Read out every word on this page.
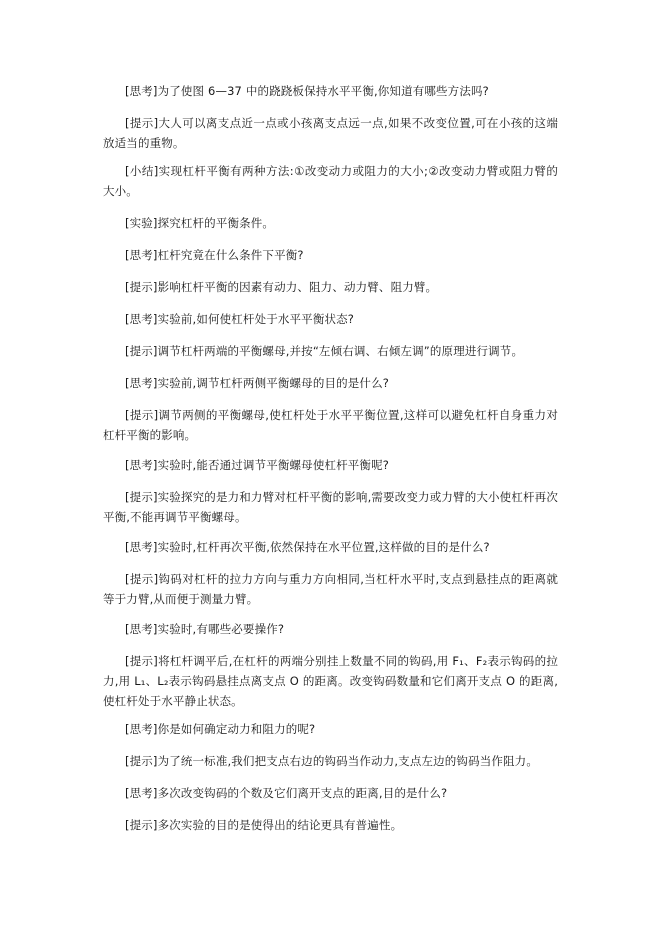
[思考]为了使图 6—37 中的跷跷板保持水平平衡,你知道有哪些方法吗?

[提示]大人可以离支点近一点或小孩离支点远一点,如果不改变位置,可在小孩的这端放适当的重物。

[小结]实现杠杆平衡有两种方法:①改变动力或阻力的大小;②改变动力臂或阻力臂的大小。

[实验]探究杠杆的平衡条件。

[思考]杠杆究竟在什么条件下平衡?

[提示]影响杠杆平衡的因素有动力、阻力、动力臂、阻力臂。

[思考]实验前,如何使杠杆处于水平平衡状态?

[提示]调节杠杆两端的平衡螺母,并按“左倾右调、右倾左调”的原理进行调节。

[思考]实验前,调节杠杆两侧平衡螺母的目的是什么?

[提示]调节两侧的平衡螺母,使杠杆处于水平平衡位置,这样可以避免杠杆自身重力对杠杆平衡的影响。

[思考]实验时,能否通过调节平衡螺母使杠杆平衡呢?

[提示]实验探究的是力和力臂对杠杆平衡的影响,需要改变力或力臂的大小使杠杆再次平衡,不能再调节平衡螺母。

[思考]实验时,杠杆再次平衡,依然保持在水平位置,这样做的目的是什么?

[提示]钩码对杠杆的拉力方向与重力方向相同,当杠杆水平时,支点到悬挂点的距离就等于力臂,从而便于测量力臂。

[思考]实验时,有哪些必要操作?

[提示]将杠杆调平后,在杠杆的两端分别挂上数量不同的钩码,用 F₁、F₂表示钩码的拉力,用 L₁、L₂表示钩码悬挂点离支点 O 的距离。改变钩码数量和它们离开支点 O 的距离,使杠杆处于水平静止状态。

[思考]你是如何确定动力和阻力的呢?

[提示]为了统一标准,我们把支点右边的钩码当作动力,支点左边的钩码当作阻力。

[思考]多次改变钩码的个数及它们离开支点的距离,目的是什么?

[提示]多次实验的目的是使得出的结论更具有普遍性。
